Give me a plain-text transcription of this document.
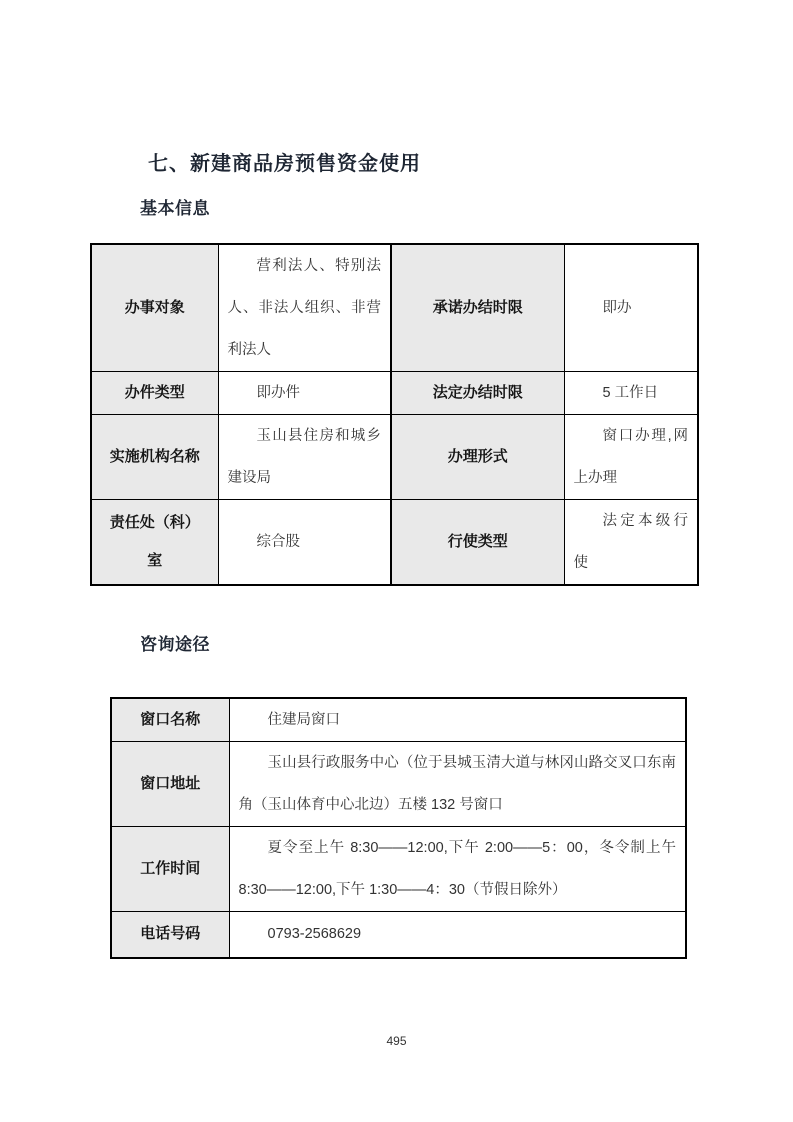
七、新建商品房预售资金使用
基本信息
办事对象	营利法人、特别法人、非法人组织、非营利法人	承诺办结时限	即办
办件类型	即办件	法定办结时限	5 工作日
实施机构名称	玉山县住房和城乡建设局	办理形式	窗口办理,网上办理
责任处（科）室	综合股	行使类型	法定本级行使
咨询途径
窗口名称	住建局窗口
窗口地址	玉山县行政服务中心（位于县城玉清大道与林冈山路交叉口东南角（玉山体育中心北边）五楼 132 号窗口
工作时间	夏令至上午 8:30——12:00,下午 2:00——5：00，冬令制上午 8:30——12:00,下午 1:30——4：30（节假日除外）
电话号码	0793-2568629
495
